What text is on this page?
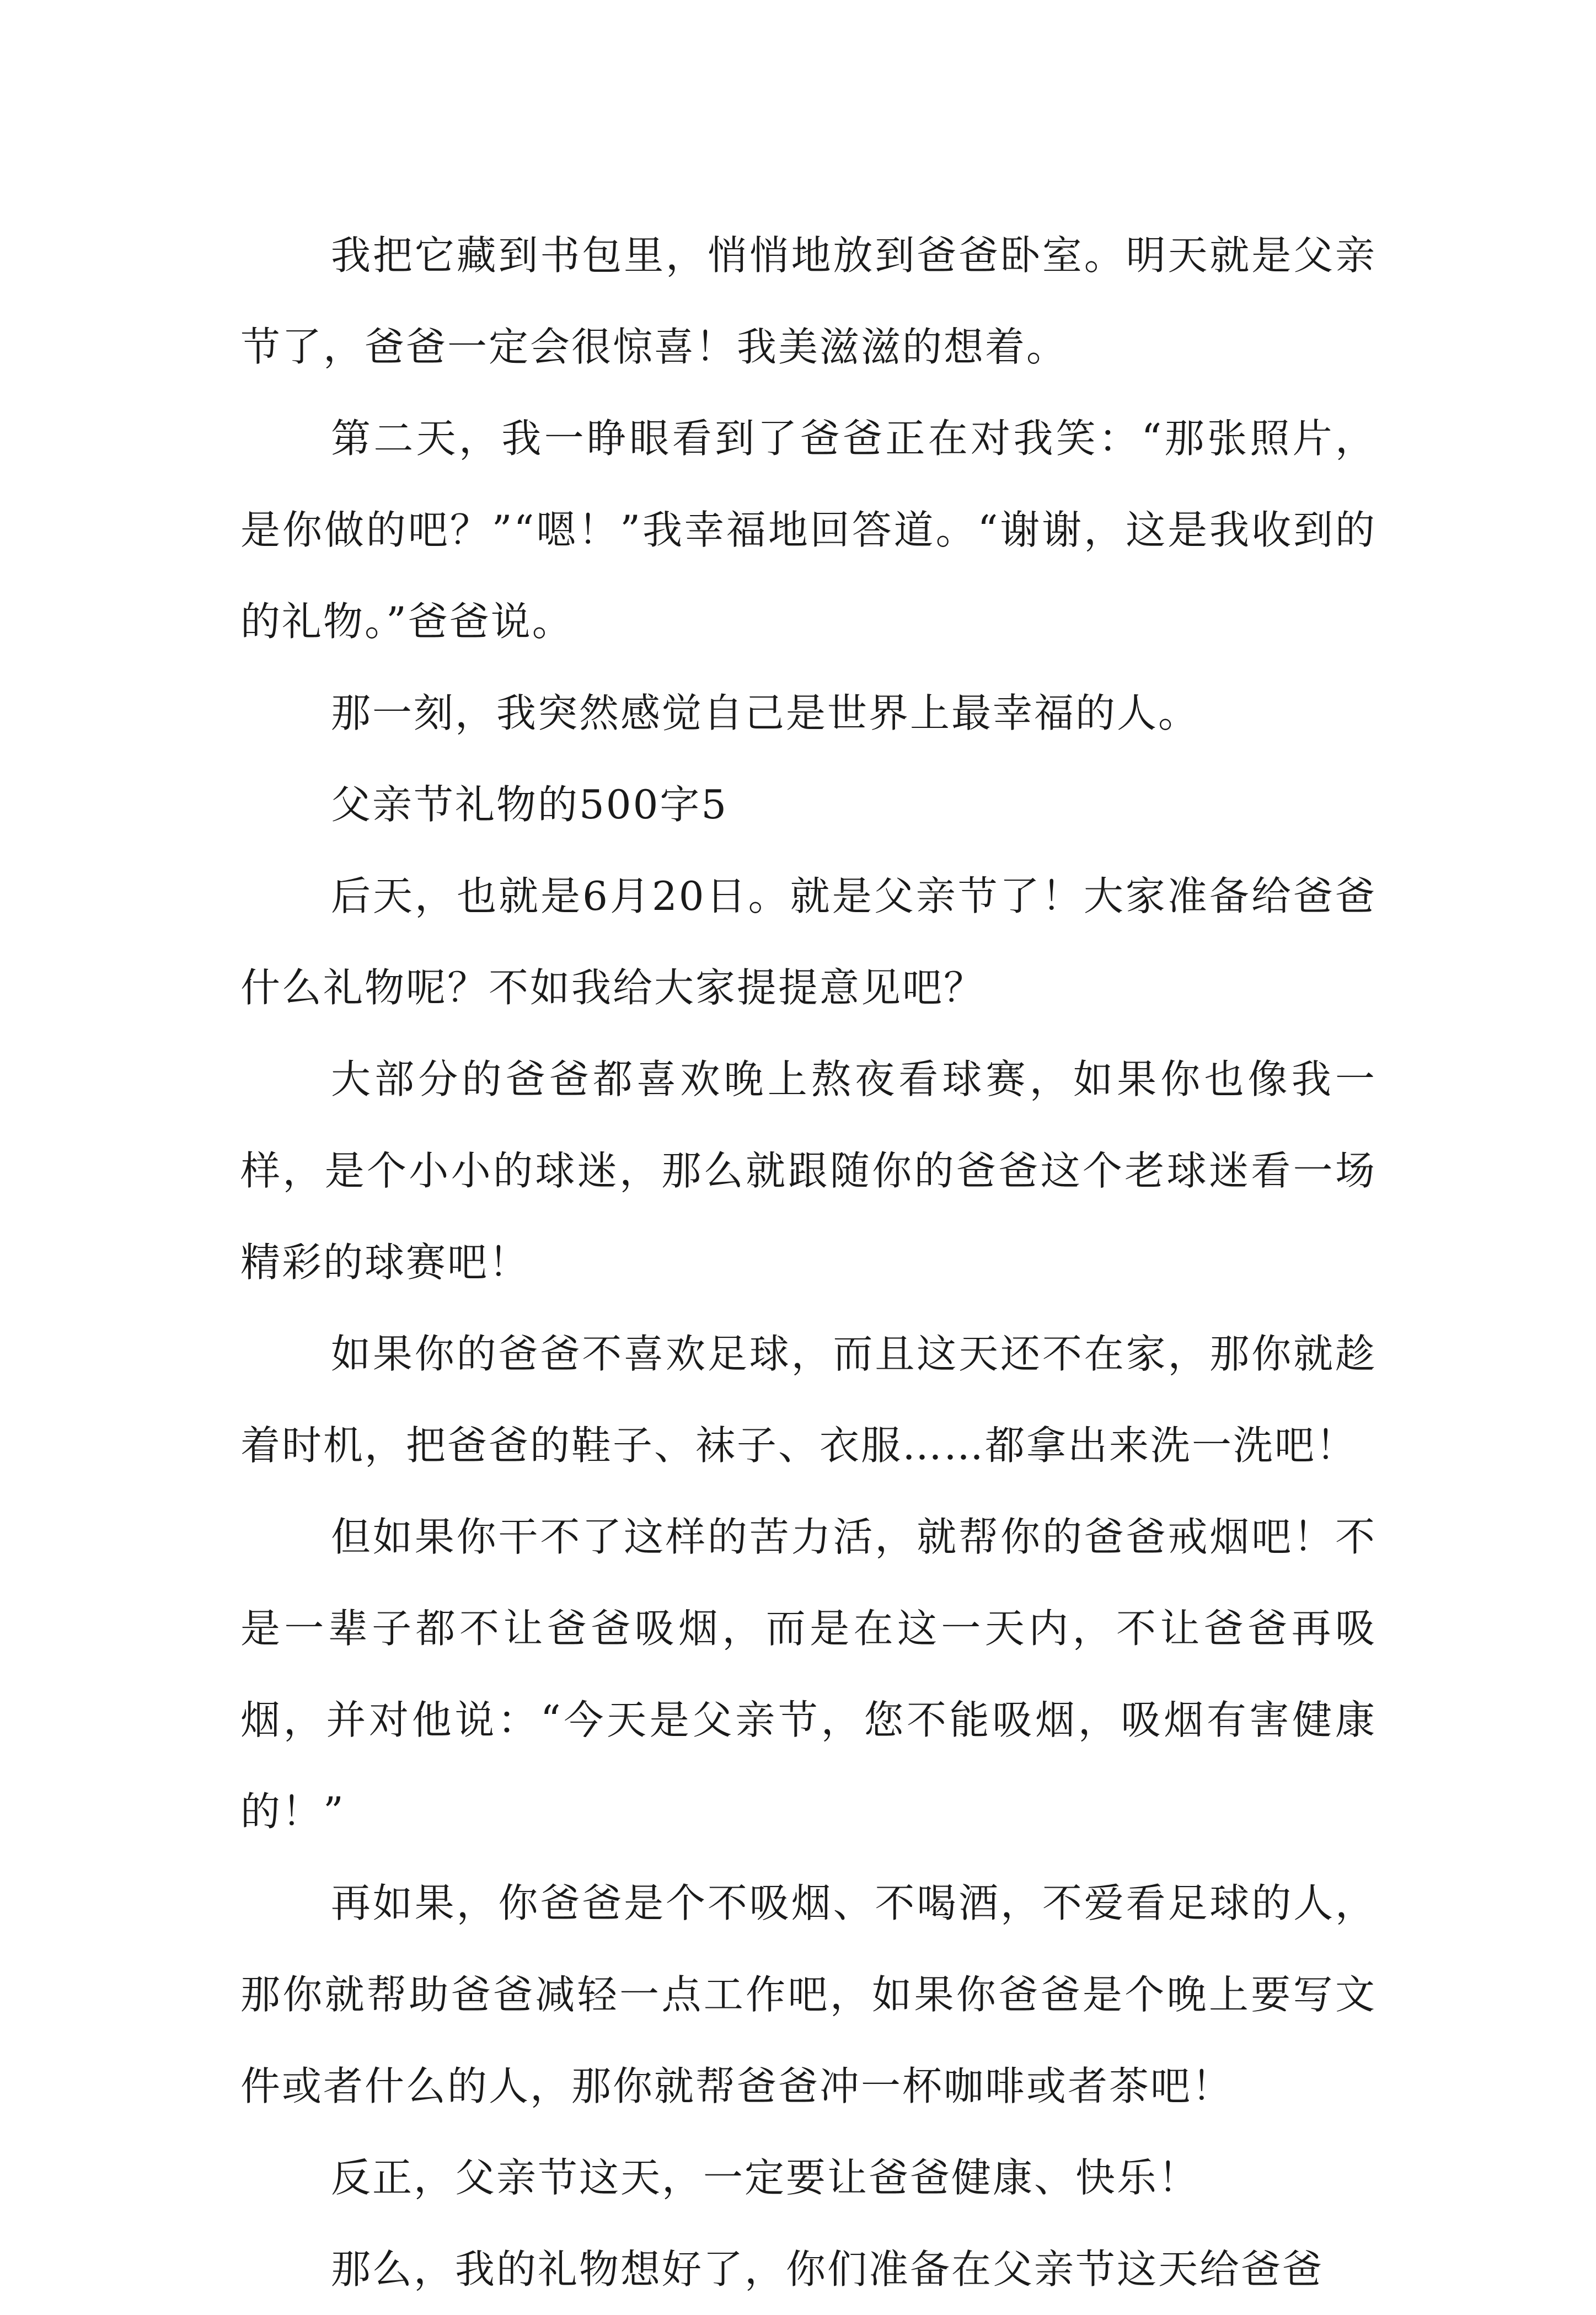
我把它藏到书包里，悄悄地放到爸爸卧室。明天就是父亲节了，爸爸一定会很惊喜！我美滋滋的想着。

第二天，我一睁眼看到了爸爸正在对我笑：“那张照片，是你做的吧？”“嗯！”我幸福地回答道。“谢谢，这是我收到的的礼物。”爸爸说。

那一刻，我突然感觉自己是世界上最幸福的人。

父亲节礼物的500字5

后天，也就是6月20日。就是父亲节了！大家准备给爸爸什么礼物呢？不如我给大家提提意见吧？

大部分的爸爸都喜欢晚上熬夜看球赛，如果你也像我一样，是个小小的球迷，那么就跟随你的爸爸这个老球迷看一场精彩的球赛吧！

如果你的爸爸不喜欢足球，而且这天还不在家，那你就趁着时机，把爸爸的鞋子、袜子、衣服……都拿出来洗一洗吧！

但如果你干不了这样的苦力活，就帮你的爸爸戒烟吧！不是一辈子都不让爸爸吸烟，而是在这一天内，不让爸爸再吸烟，并对他说：“今天是父亲节，您不能吸烟，吸烟有害健康的！”

再如果，你爸爸是个不吸烟、不喝酒，不爱看足球的人，那你就帮助爸爸减轻一点工作吧，如果你爸爸是个晚上要写文件或者什么的人，那你就帮爸爸冲一杯咖啡或者茶吧！

反正，父亲节这天，一定要让爸爸健康、快乐！

那么，我的礼物想好了，你们准备在父亲节这天给爸爸
